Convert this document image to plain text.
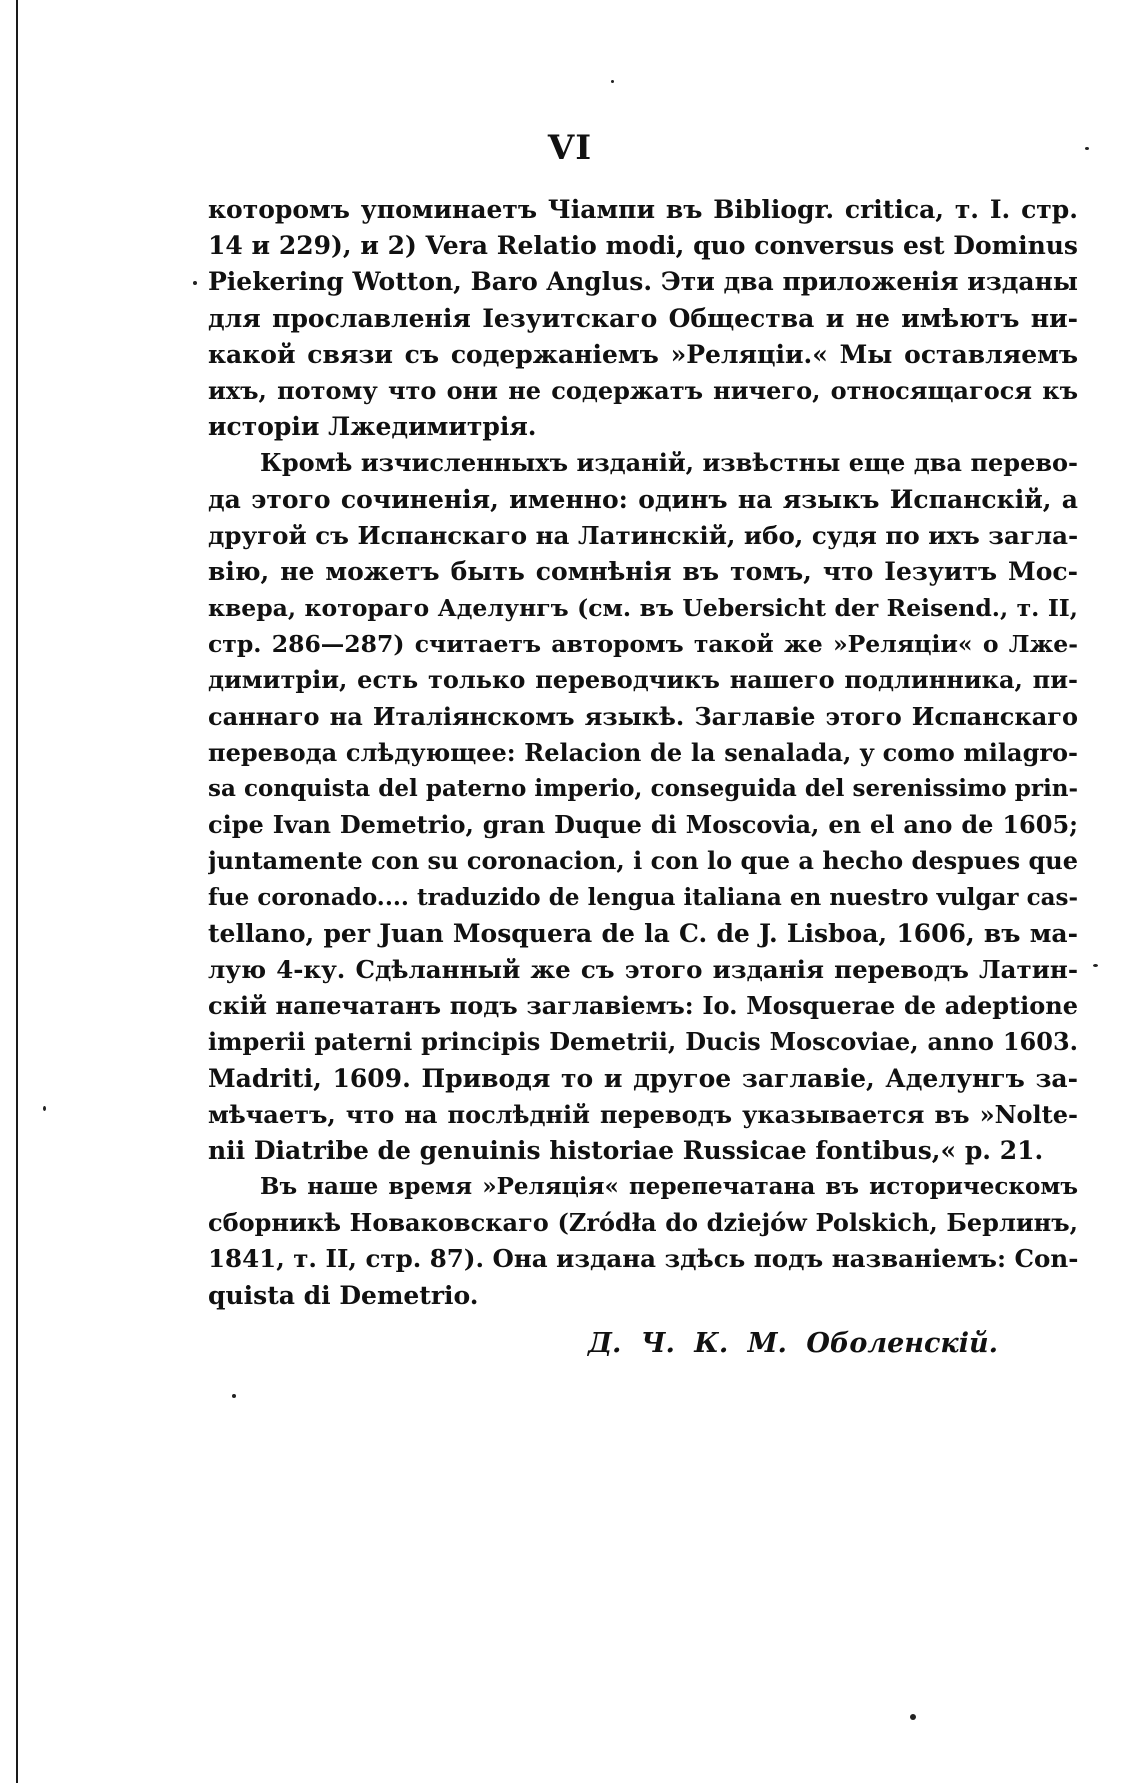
VI
которомъ упоминаетъ Чіампи въ Bibliogr. critica, т. I. стр.
14 и 229), и 2) Vera Relatio modi, quo conversus est Dominus
Piekering Wotton, Baro Anglus. Эти два приложенія изданы
для прославленія Іезуитскаго Общества и не имѣютъ ни-
какой связи съ содержаніемъ »Реляціи.« Мы оставляемъ
ихъ, потому что они не содержатъ ничего, относящагося къ
исторіи Лжедимитрія.
Кромѣ изчисленныхъ изданій, извѣстны еще два перево-
да этого сочиненія, именно: одинъ на языкъ Испанскій, а
другой съ Испанскаго на Латинскій, ибо, судя по ихъ загла-
вію, не можетъ быть сомнѣнія въ томъ, что Іезуитъ Мос-
квера, котораго Аделунгъ (см. въ Uebersicht der Reisend., т. II,
стр. 286—287) считаетъ авторомъ такой же »Реляціи« о Лже-
димитріи, есть только переводчикъ нашего подлинника, пи-
саннаго на Италіянскомъ языкѣ. Заглавіе этого Испанскаго
перевода слѣдующее: Relacion de la senalada, y como milagro-
sa conquista del paterno imperio, conseguida del serenissimo prin-
cipe Ivan Demetrio, gran Duque di Moscovia, en el ano de 1605;
juntamente con su coronacion, i con lo que a hecho despues que
fue coronado.... traduzido de lengua italiana en nuestro vulgar cas-
tellano, per Juan Mosquera de la C. de J. Lisboa, 1606, въ ма-
лую 4-ку. Сдѣланный же съ этого изданія переводъ Латин-
скій напечатанъ подъ заглавіемъ: Io. Mosquerae de adeptione
imperii paterni principis Demetrii, Ducis Moscoviae, anno 1603.
Madriti, 1609. Приводя то и другое заглавіе, Аделунгъ за-
мѣчаетъ, что на послѣдній переводъ указывается въ »Nolte-
nii Diatribe de genuinis historiae Russicae fontibus,« p. 21.
Въ наше время »Реляція« перепечатана въ историческомъ
сборникѣ Новаковскаго (Zródła do dziejów Polskich, Берлинъ,
1841, т. II, стр. 87). Она издана здѣсь подъ названіемъ: Con-
quista di Demetrio.
Д. Ч. К. М. Оболенскій.
